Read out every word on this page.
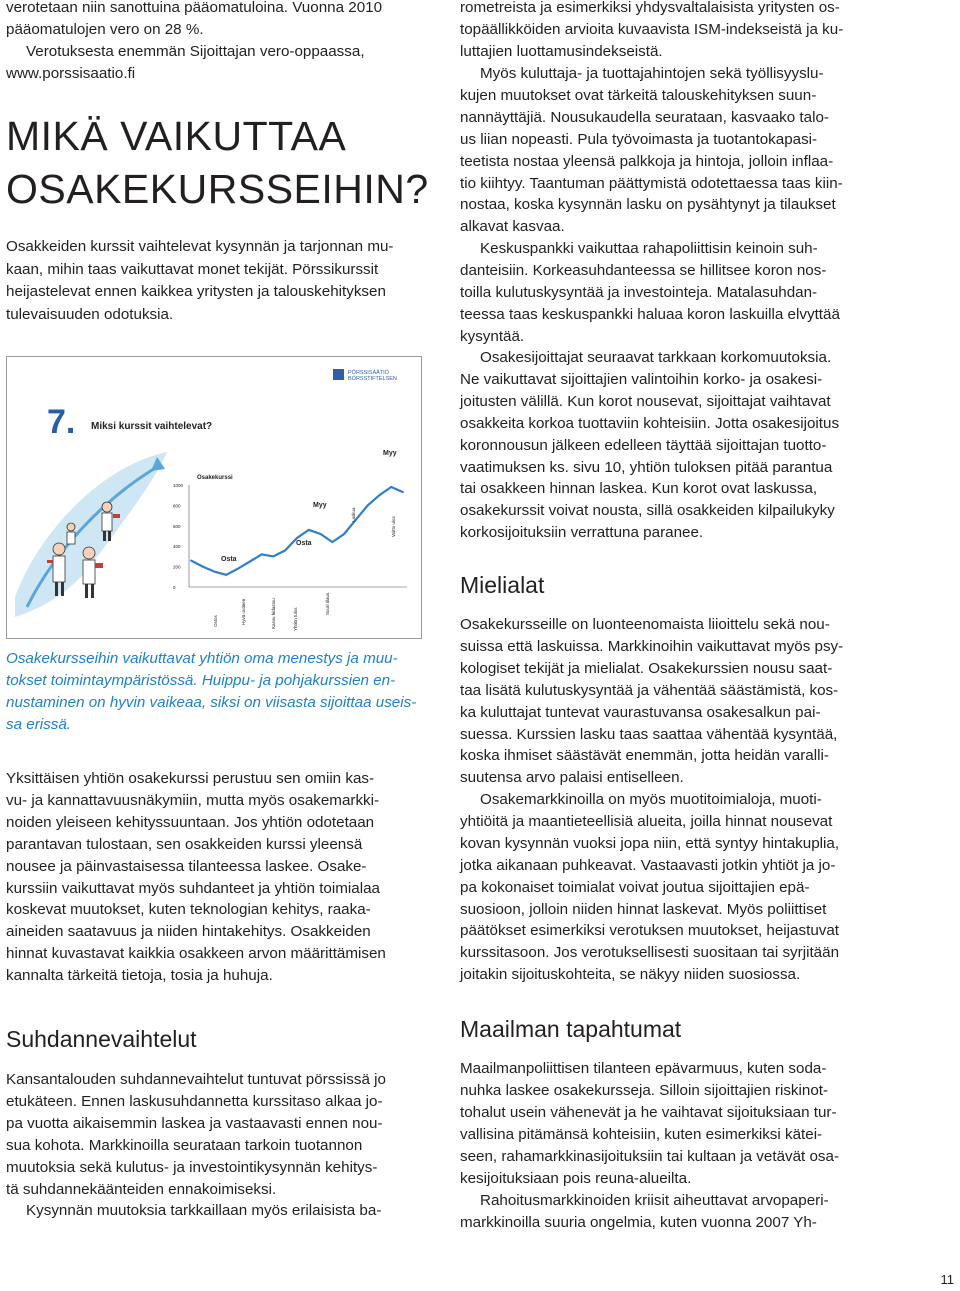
verotetaan niin sanottuina pääomatuloina. Vuonna 2010

pääomatulojen vero on 28 %.

Verotuksesta enemmän Sijoittajan vero-oppaassa,

www.porssisaatio.fi

MIKÄ VAIKUTTAA
OSAKEKURSSEIHIN?

Osakkeiden kurssit vaihtelevat kysynnän ja tarjonnan mu-

kaan, mihin taas vaikuttavat monet tekijät. Pörssikurssit

heijastelevat ennen kaikkea yritysten ja talouskehityksen

tulevaisuuden odotuksia.

Osakekursseihin vaikuttavat yhtiön oma menestys ja muu-

tokset toimintaympäristössä. Huippu- ja pohjakurssien en-

nustaminen on hyvin vaikeaa, siksi on viisasta sijoittaa useis-

sa erissä.

Yksittäisen yhtiön osakekurssi perustuu sen omiin kas-

vu- ja kannattavuusnäkymiin, mutta myös osakemarkki-

noiden yleiseen kehityssuuntaan. Jos yhtiön odotetaan

parantavan tulostaan, sen osakkeiden kurssi yleensä

nousee ja päinvastaisessa tilanteessa laskee. Osake-

kurssiin vaikuttavat myös suhdanteet ja yhtiön toimialaa

koskevat muutokset, kuten teknologian kehitys, raaka-

aineiden saatavuus ja niiden hintakehitys. Osakkeiden

hinnat kuvastavat kaikkia osakkeen arvon määrittämisen

kannalta tärkeitä tietoja, tosia ja huhuja.

Suhdannevaihtelut

Kansantalouden suhdannevaihtelut tuntuvat pörssissä jo

etukäteen. Ennen laskusuhdannetta kurssitaso alkaa jo-

pa vuotta aikaisemmin laskea ja vastaavasti ennen nou-

sua kohota. Markkinoilla seurataan tarkoin tuotannon

muutoksia sekä kulutus- ja investointikysynnän kehitys-

tä suhdannekäänteiden ennakoimiseksi.

Kysynnän muutoksia tarkkaillaan myös erilaisista ba-

PÖRSSISÄÄTIÖ
BÖRSSTIFTELSEN
7. Miksi kurssit vaihtelevat?
Osakekurssi
1000
800
600
400
200
0
Osta
Myy
Osta
Myy
Ostos	Hyvä uutinen	Kasvu hidastuu	Yhtiön tulos
Suuri tilaus
Laskua
Voitto ulos

rometreista ja esimerkiksi yhdysvaltalaisista yritysten os-

topäällikköiden arvioita kuvaavista ISM-indekseistä ja ku-

luttajien luottamusindekseistä.

Myös kuluttaja- ja tuottajahintojen sekä työllisyyslu-

kujen muutokset ovat tärkeitä talouskehityksen suun-

nannäyttäjiä. Nousukaudella seurataan, kasvaako talo-

us liian nopeasti. Pula työvoimasta ja tuotantokapasi-

teetista nostaa yleensä palkkoja ja hintoja, jolloin inflaa-

tio kiihtyy. Taantuman päättymistä odotettaessa taas kiin-

nostaa, koska kysynnän lasku on pysähtynyt ja tilaukset

alkavat kasvaa.

Keskuspankki vaikuttaa rahapoliittisin keinoin suh-

danteisiin. Korkeasuhdanteessa se hillitsee koron nos-

toilla kulutuskysyntää ja investointeja. Matalasuhdan-

teessa taas keskuspankki haluaa koron laskuilla elvyttää

kysyntää.

Osakesijoittajat seuraavat tarkkaan korkomuutoksia.

Ne vaikuttavat sijoittajien valintoihin korko- ja osakesi-

joitusten välillä. Kun korot nousevat, sijoittajat vaihtavat

osakkeita korkoa tuottaviin kohteisiin. Jotta osakesijoitus

koronnousun jälkeen edelleen täyttää sijoittajan tuotto-

vaatimuksen ks. sivu 10, yhtiön tuloksen pitää parantua

tai osakkeen hinnan laskea. Kun korot ovat laskussa,

osakekurssit voivat nousta, sillä osakkeiden kilpailukyky

korkosijoituksiin verrattuna paranee.

Mielialat

Osakekursseille on luonteenomaista liioittelu sekä nou-

suissa että laskuissa. Markkinoihin vaikuttavat myös psy-

kologiset tekijät ja mielialat. Osakekurssien nousu saat-

taa lisätä kulutuskysyntää ja vähentää säästämistä, kos-

ka kuluttajat tuntevat vaurastuvansa osakesalkun pai-

suessa. Kurssien lasku taas saattaa vähentää kysyntää,

koska ihmiset säästävät enemmän, jotta heidän varalli-

suutensa arvo palaisi entiselleen.

Osakemarkkinoilla on myös muotitoimialoja, muoti-

yhtiöitä ja maantieteellisiä alueita, joilla hinnat nousevat

kovan kysynnän vuoksi jopa niin, että syntyy hintakuplia,

jotka aikanaan puhkeavat. Vastaavasti jotkin yhtiöt ja jo-

pa kokonaiset toimialat voivat joutua sijoittajien epä-

suosioon, jolloin niiden hinnat laskevat. Myös poliittiset

päätökset esimerkiksi verotuksen muutokset, heijastuvat

kurssitasoon. Jos verotuksellisesti suositaan tai syrjitään

joitakin sijoituskohteita, se näkyy niiden suosiossa.

Maailman tapahtumat

Maailmanpoliittisen tilanteen epävarmuus, kuten soda-

nuhka laskee osakekursseja. Silloin sijoittajien riskinot-

tohalut usein vähenevät ja he vaihtavat sijoituksiaan tur-

vallisina pitämänsä kohteisiin, kuten esimerkiksi kätei-

seen, rahamarkkinasijoituksiin tai kultaan ja vetävät osa-

kesijoituksiaan pois reuna-alueilta.

Rahoitusmarkkinoiden kriisit aiheuttavat arvopaperi-

markkinoilla suuria ongelmia, kuten vuonna 2007 Yh-

11
